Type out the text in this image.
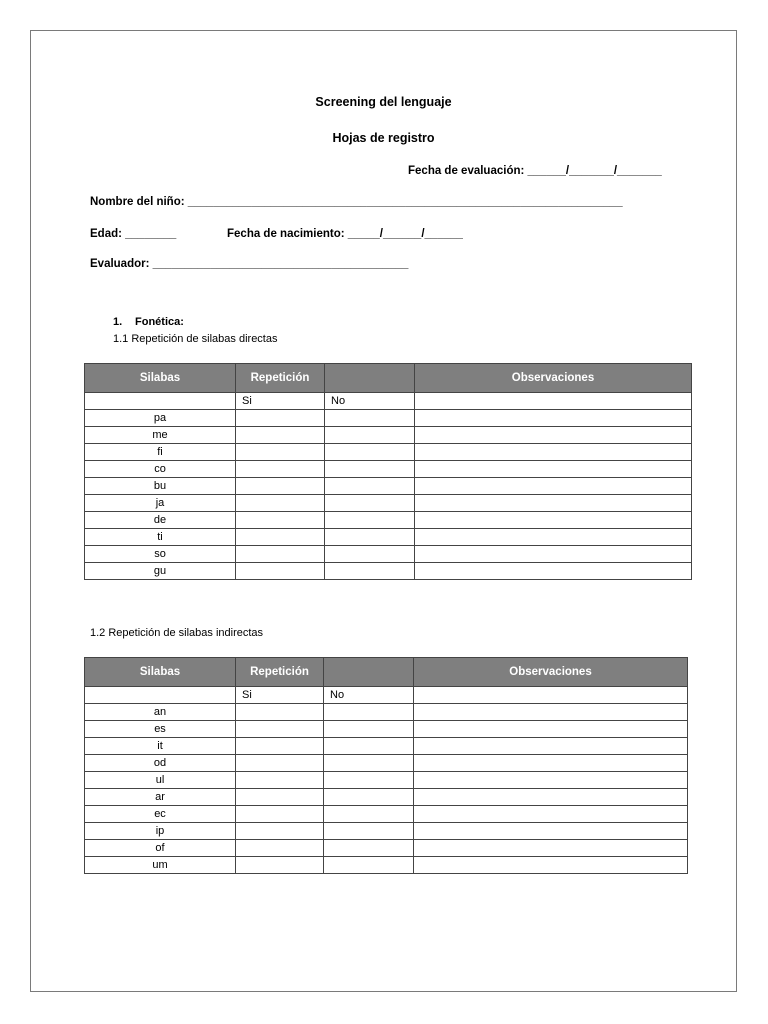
Screening del lenguaje
Hojas de registro
Fecha de evaluación: ______/_______/_______
Nombre del niño: ____________________________________________________________________
Edad: ________	Fecha de nacimiento: _____/______/______
Evaluador: ________________________________________
1. Fonética:
1.1 Repetición de silabas directas
Silabas	Repetición		Observaciones
	Si	No	
pa			
me			
fi			
co			
bu			
ja			
de			
ti			
so			
gu			
1.2 Repetición de silabas indirectas
Silabas	Repetición		Observaciones
	Si	No	
an			
es			
it			
od			
ul			
ar			
ec			
ip			
of			
um			
